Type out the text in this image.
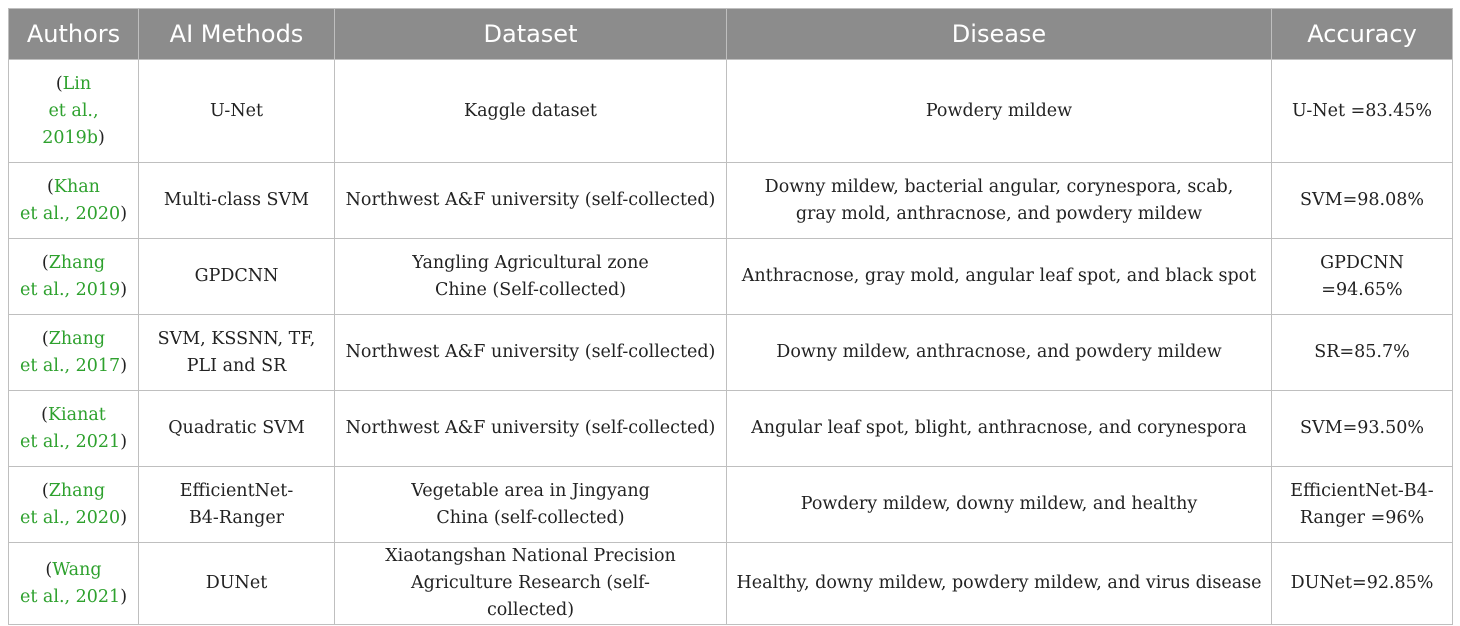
Authors	AI Methods	Dataset	Disease	Accuracy
(Lin
et al.,
2019b)	U-Net	Kaggle dataset	Powdery mildew	U-Net =83.45%
(Khan
et al., 2020)	Multi-class SVM	Northwest A&F university (self-collected)	Downy mildew, bacterial angular, corynespora, scab, gray mold, anthracnose, and powdery mildew	SVM=98.08%
(Zhang
et al., 2019)	GPDCNN	Yangling Agricultural zone Chine (Self-collected)	Anthracnose, gray mold, angular leaf spot, and black spot	GPDCNN =94.65%
(Zhang
et al., 2017)	SVM, KSSNN, TF, PLI and SR	Northwest A&F university (self-collected)	Downy mildew, anthracnose, and powdery mildew	SR=85.7%
(Kianat
et al., 2021)	Quadratic SVM	Northwest A&F university (self-collected)	Angular leaf spot, blight, anthracnose, and corynespora	SVM=93.50%
(Zhang
et al., 2020)	EfficientNet-B4-Ranger	Vegetable area in Jingyang China (self-collected)	Powdery mildew, downy mildew, and healthy	EfficientNet-B4-Ranger =96%
(Wang
et al., 2021)	DUNet	Xiaotangshan National Precision Agriculture Research (self-collected)	Healthy, downy mildew, powdery mildew, and virus disease	DUNet=92.85%
